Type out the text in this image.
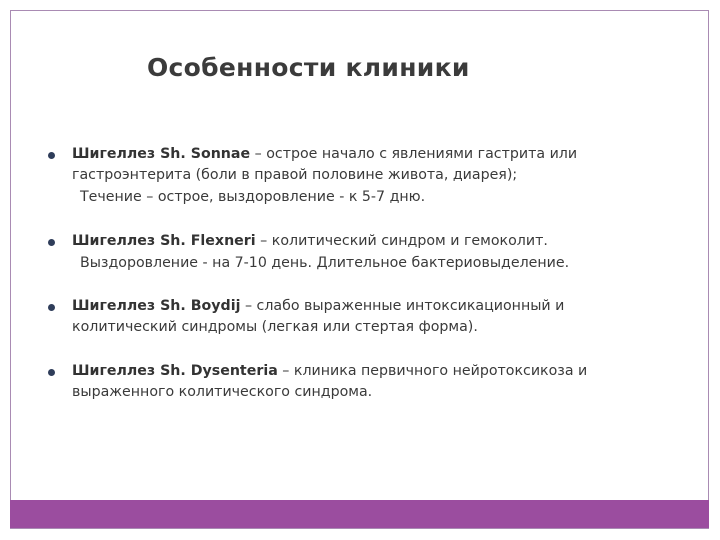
Особенности клиники
Шигеллез Sh. Sonnae – острое начало с явлениями гастрита или гастроэнтерита (боли в правой половине живота, диарея);
Течение – острое, выздоровление - к 5-7 дню.
Шигеллез Sh. Flexneri – колитический синдром и гемоколит.
Выздоровление - на 7-10 день. Длительное бактериовыделение.
Шигеллез Sh. Boydij – слабо выраженные интоксикационный и колитический синдромы (легкая или стертая форма).
Шигеллез Sh. Dysenteria – клиника первичного нейротоксикоза и выраженного колитического синдрома.
